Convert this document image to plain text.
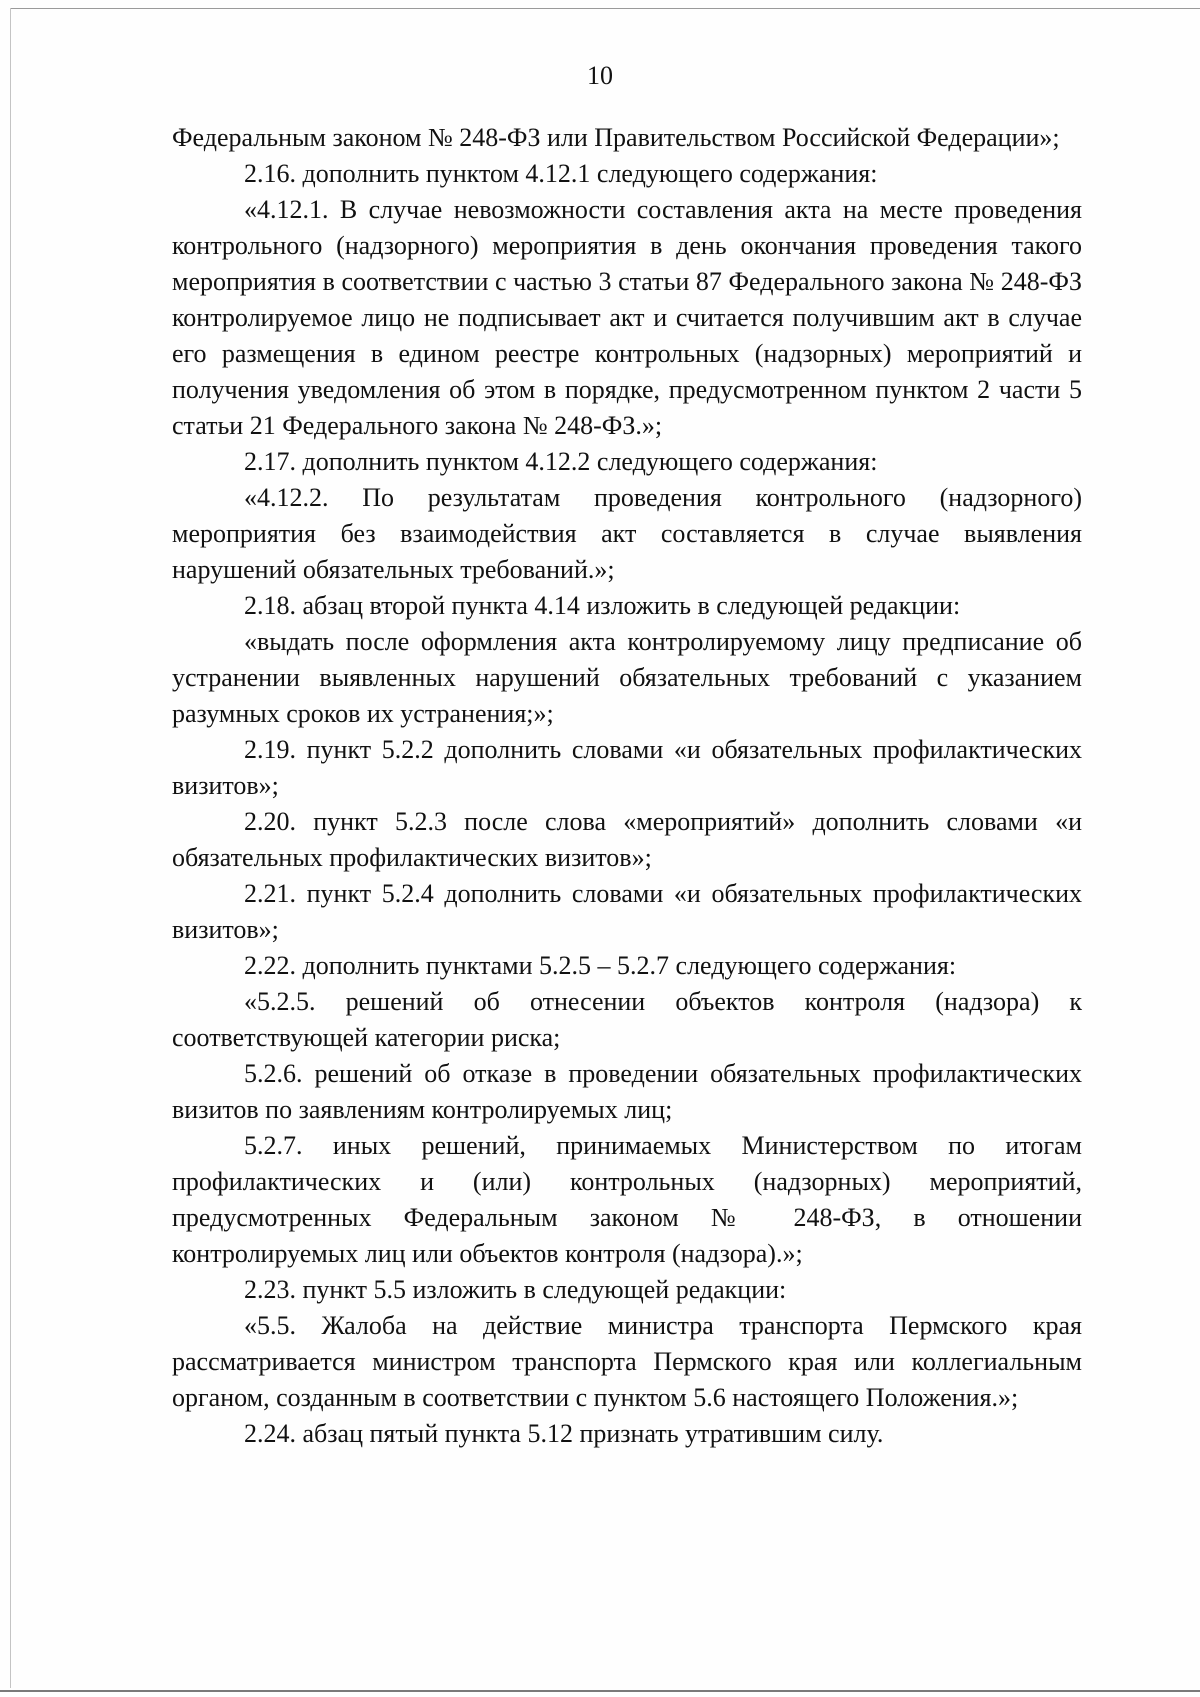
10

Федеральным законом № 248-ФЗ или Правительством Российской Федерации»;

2.16. дополнить пунктом 4.12.1 следующего содержания:

«4.12.1. В случае невозможности составления акта на месте проведения контрольного (надзорного) мероприятия в день окончания проведения такого мероприятия в соответствии с частью 3 статьи 87 Федерального закона № 248-ФЗ контролируемое лицо не подписывает акт и считается получившим акт в случае его размещения в едином реестре контрольных (надзорных) мероприятий и получения уведомления об этом в порядке, предусмотренном пунктом 2 части 5 статьи 21 Федерального закона № 248-ФЗ.»;

2.17. дополнить пунктом 4.12.2 следующего содержания:

«4.12.2. По результатам проведения контрольного (надзорного) мероприятия без взаимодействия акт составляется в случае выявления нарушений обязательных требований.»;

2.18. абзац второй пункта 4.14 изложить в следующей редакции:

«выдать после оформления акта контролируемому лицу предписание об устранении выявленных нарушений обязательных требований с указанием разумных сроков их устранения;»;

2.19. пункт 5.2.2 дополнить словами «и обязательных профилактических визитов»;

2.20. пункт 5.2.3 после слова «мероприятий» дополнить словами «и обязательных профилактических визитов»;

2.21. пункт 5.2.4 дополнить словами «и обязательных профилактических визитов»;

2.22. дополнить пунктами 5.2.5 – 5.2.7 следующего содержания:

«5.2.5. решений об отнесении объектов контроля (надзора) к соответствующей категории риска;

5.2.6. решений об отказе в проведении обязательных профилактических визитов по заявлениям контролируемых лиц;

5.2.7. иных решений, принимаемых Министерством по итогам профилактических и (или) контрольных (надзорных) мероприятий, предусмотренных Федеральным законом № 248-ФЗ, в отношении контролируемых лиц или объектов контроля (надзора).»;

2.23. пункт 5.5 изложить в следующей редакции:

«5.5. Жалоба на действие министра транспорта Пермского края рассматривается министром транспорта Пермского края или коллегиальным органом, созданным в соответствии с пунктом 5.6 настоящего Положения.»;

2.24. абзац пятый пункта 5.12 признать утратившим силу.
